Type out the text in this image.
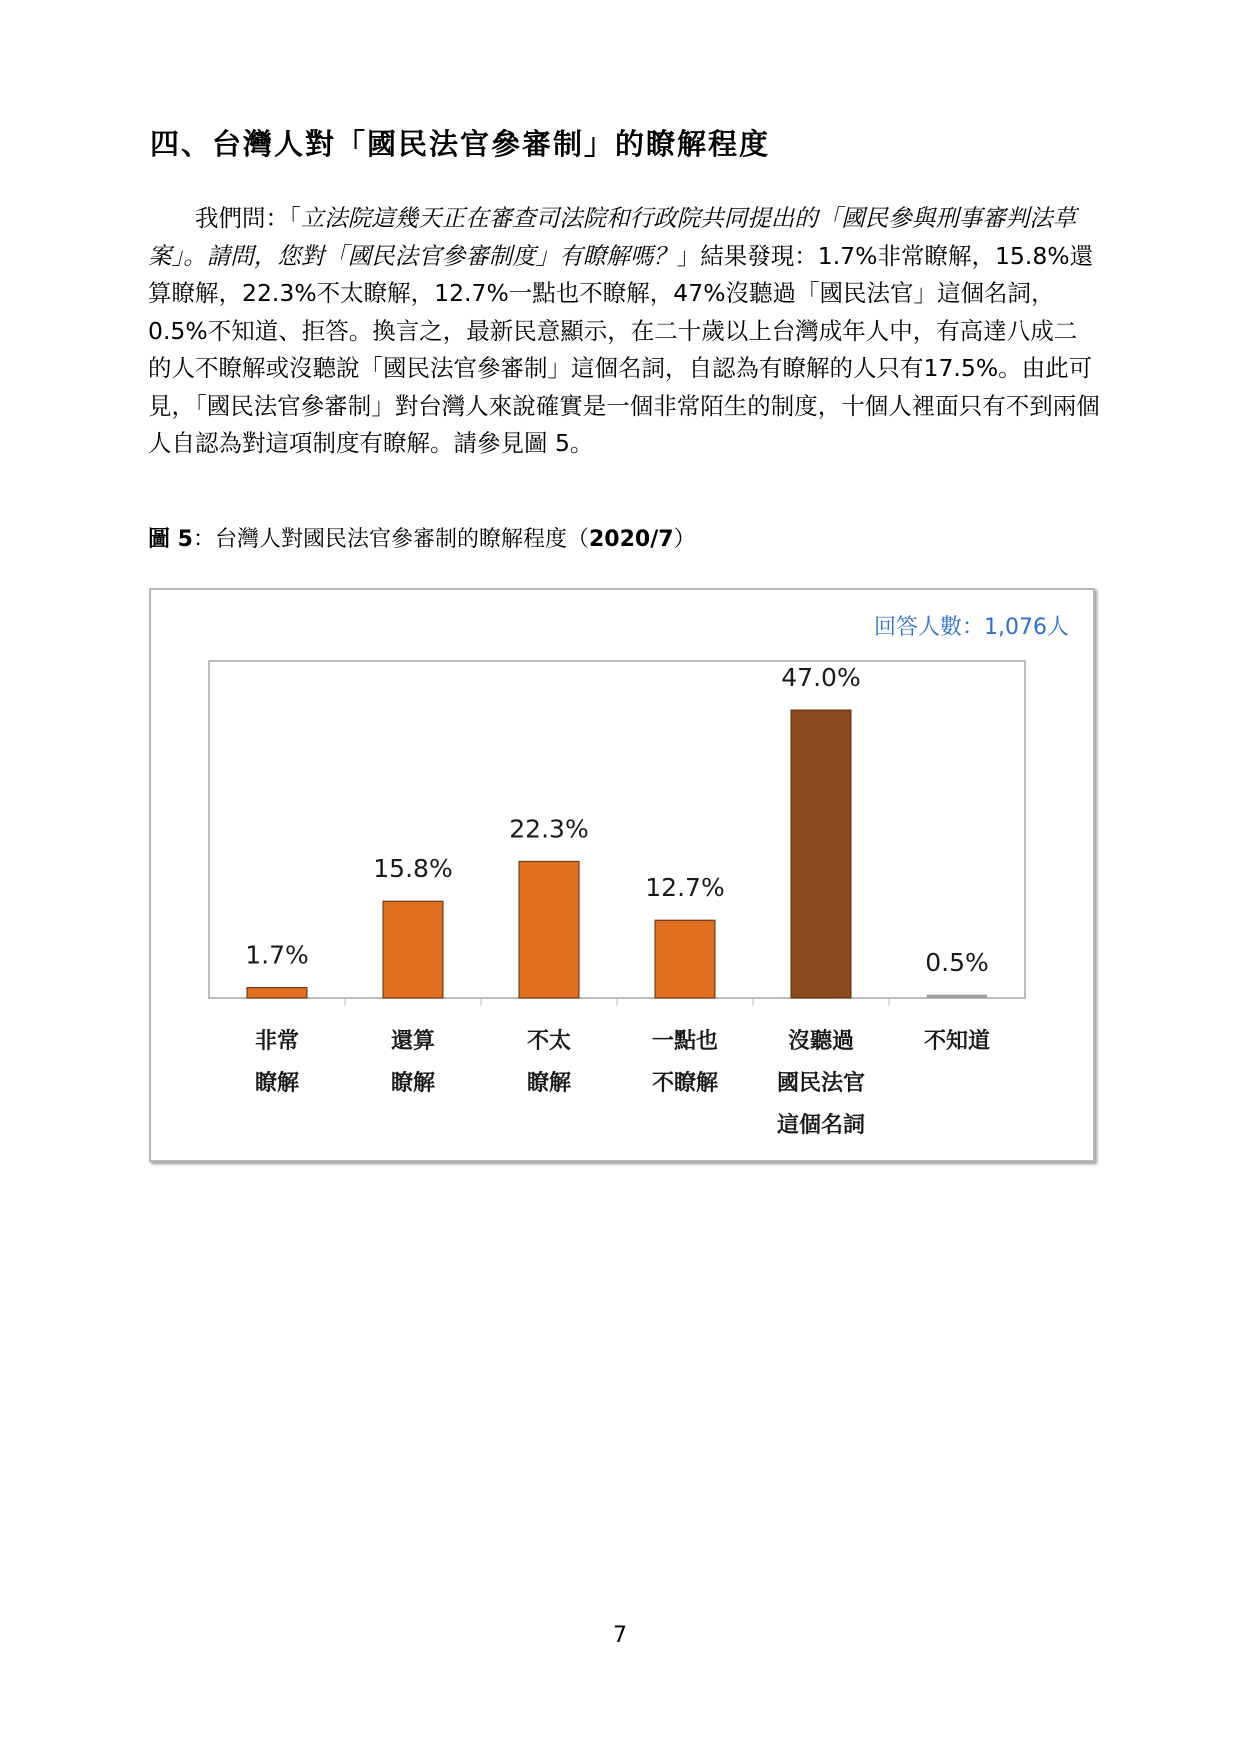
四、台灣人對「國民法官參審制」的瞭解程度

我們問：「立法院這幾天正在審查司法院和行政院共同提出的「國民參與刑事審判法草案」。請問，您對「國民法官參審制度」有瞭解嗎？」結果發現：1.7%非常瞭解，15.8%還算瞭解，22.3%不太瞭解，12.7%一點也不瞭解，47%沒聽過「國民法官」這個名詞，0.5%不知道、拒答。換言之，最新民意顯示，在二十歲以上台灣成年人中，有高達八成二的人不瞭解或沒聽說「國民法官參審制」這個名詞，自認為有瞭解的人只有17.5%。由此可見，「國民法官參審制」對台灣人來說確實是一個非常陌生的制度，十個人裡面只有不到兩個人自認為對這項制度有瞭解。請參見圖 5。

圖 5：台灣人對國民法官參審制的瞭解程度（2020/7）

回答人數：1,076人

1.7%
非常
瞭解
15.8%
還算
瞭解
22.3%
不太
瞭解
12.7%
一點也
不瞭解
47.0%
沒聽過
國民法官
這個名詞
0.5%
不知道

7
